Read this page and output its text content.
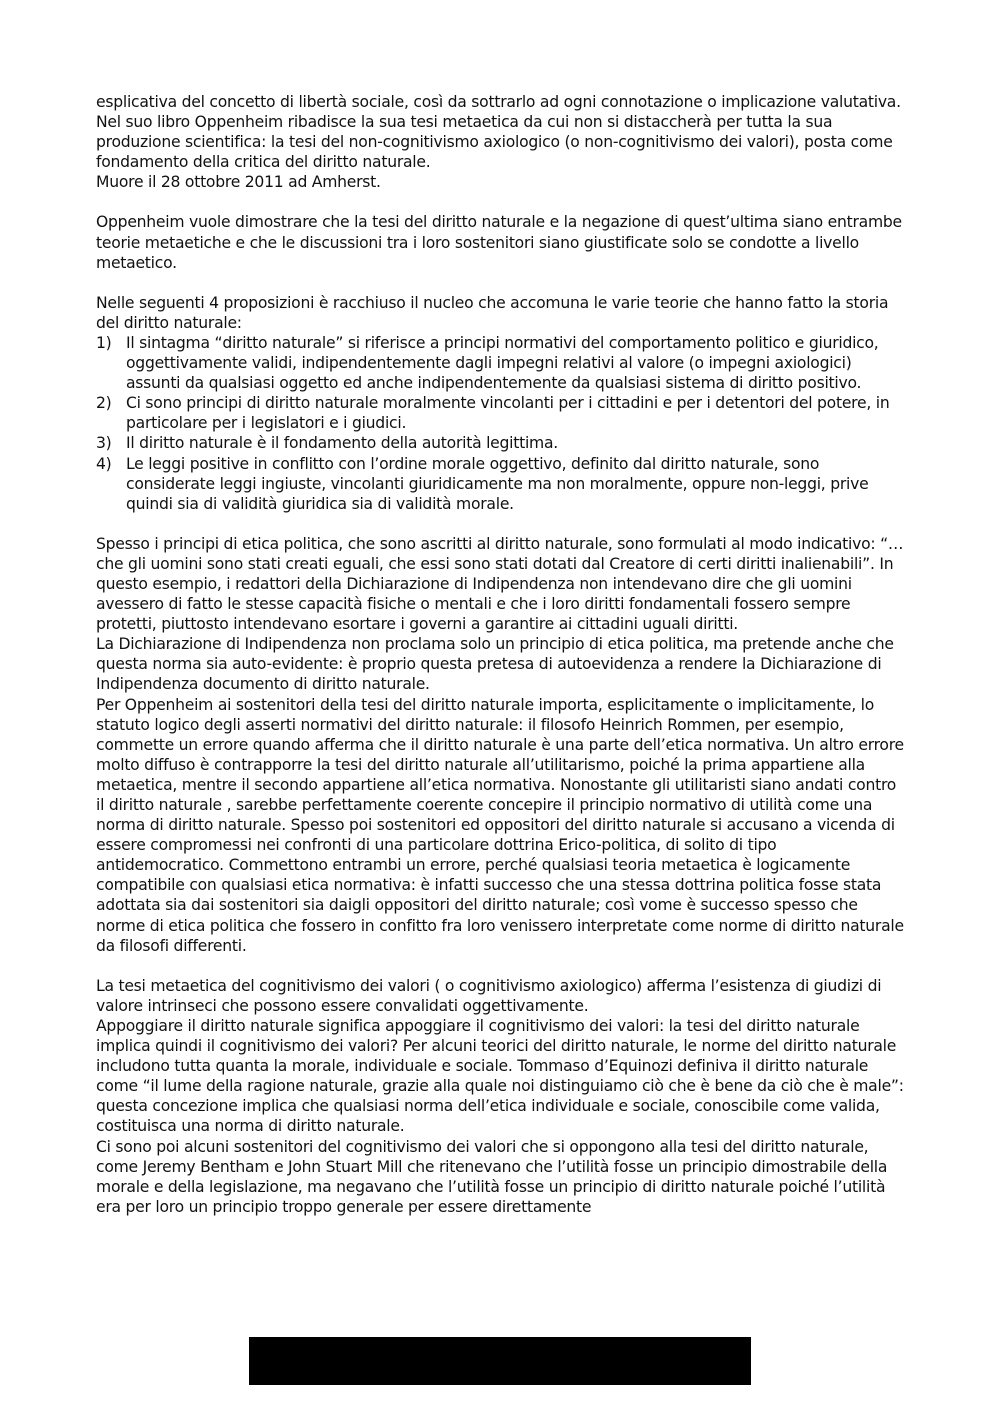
esplicativa del concetto di libertà sociale, così da sottrarlo ad ogni connotazione o implicazione valutativa.

Nel suo libro Oppenheim ribadisce la sua tesi metaetica da cui non si distaccherà per tutta la sua produzione scientifica: la tesi del non-cognitivismo axiologico (o non-cognitivismo dei valori), posta come fondamento della critica del diritto naturale.

Muore il 28 ottobre 2011 ad Amherst.

Oppenheim vuole dimostrare che la tesi del diritto naturale e la negazione di quest’ultima siano entrambe teorie metaetiche e che le discussioni tra i loro sostenitori siano giustificate solo se condotte a livello metaetico.

Nelle seguenti 4 proposizioni è racchiuso il nucleo che accomuna le varie teorie che hanno fatto la storia del diritto naturale:

1) Il sintagma “diritto naturale” si riferisce a principi normativi del comportamento politico e giuridico, oggettivamente validi, indipendentemente dagli impegni relativi al valore (o impegni axiologici) assunti da qualsiasi oggetto ed anche indipendentemente da qualsiasi sistema di diritto positivo.
2) Ci sono principi di diritto naturale moralmente vincolanti per i cittadini e per i detentori del potere, in particolare per i legislatori e i giudici.
3) Il diritto naturale è il fondamento della autorità legittima.
4) Le leggi positive in conflitto con l’ordine morale oggettivo, definito dal diritto naturale, sono considerate leggi ingiuste, vincolanti giuridicamente ma non moralmente, oppure non-leggi, prive quindi sia di validità giuridica sia di validità morale.

Spesso i principi di etica politica, che sono ascritti al diritto naturale, sono formulati al modo indicativo: “… che gli uomini sono stati creati eguali, che essi sono stati dotati dal Creatore di certi diritti inalienabili”. In questo esempio, i redattori della Dichiarazione di Indipendenza non intendevano dire che gli uomini avessero di fatto le stesse capacità fisiche o mentali e che i loro diritti fondamentali fossero sempre protetti, piuttosto intendevano esortare i governi a garantire ai cittadini uguali diritti.

La Dichiarazione di Indipendenza non proclama solo un principio di etica politica, ma pretende anche che questa norma sia auto-evidente: è proprio questa pretesa di autoevidenza a rendere la Dichiarazione di Indipendenza documento di diritto naturale.

Per Oppenheim ai sostenitori della tesi del diritto naturale importa, esplicitamente o implicitamente, lo statuto logico degli asserti normativi del diritto naturale: il filosofo Heinrich Rommen, per esempio, commette un errore quando afferma che il diritto naturale è una parte dell’etica normativa. Un altro errore molto diffuso è contrapporre la tesi del diritto naturale all’utilitarismo, poiché la prima appartiene alla metaetica, mentre il secondo appartiene all’etica normativa. Nonostante gli utilitaristi siano andati contro il diritto naturale , sarebbe perfettamente coerente concepire il principio normativo di utilità come una norma di diritto naturale. Spesso poi sostenitori ed oppositori del diritto naturale si accusano a vicenda di essere compromessi nei confronti di una particolare dottrina Erico-politica, di solito di tipo antidemocratico. Commettono entrambi un errore, perché qualsiasi teoria metaetica è logicamente compatibile con qualsiasi etica normativa: è infatti successo che una stessa dottrina politica fosse stata adottata sia dai sostenitori sia daigli oppositori del diritto naturale; così vome è successo spesso che norme di etica politica che fossero in confitto fra loro venissero interpretate come norme di diritto naturale da filosofi differenti.

La tesi metaetica del cognitivismo dei valori ( o cognitivismo axiologico) afferma l’esistenza di giudizi di valore intrinseci che possono essere convalidati oggettivamente.

Appoggiare il diritto naturale significa appoggiare il cognitivismo dei valori: la tesi del diritto naturale implica quindi il cognitivismo dei valori? Per alcuni teorici del diritto naturale, le norme del diritto naturale includono tutta quanta la morale, individuale e sociale. Tommaso d’Equinozi definiva il diritto naturale come “il lume della ragione naturale, grazie alla quale noi distinguiamo ciò che è bene da ciò che è male”: questa concezione implica che qualsiasi norma dell’etica individuale e sociale, conoscibile come valida, costituisca una norma di diritto naturale.

Ci sono poi alcuni sostenitori del cognitivismo dei valori che si oppongono alla tesi del diritto naturale, come Jeremy Bentham e John Stuart Mill che ritenevano che l’utilità fosse un principio dimostrabile della morale e della legislazione, ma negavano che l’utilità fosse un principio di diritto naturale poiché l’utilità era per loro un principio troppo generale per essere direttamente
